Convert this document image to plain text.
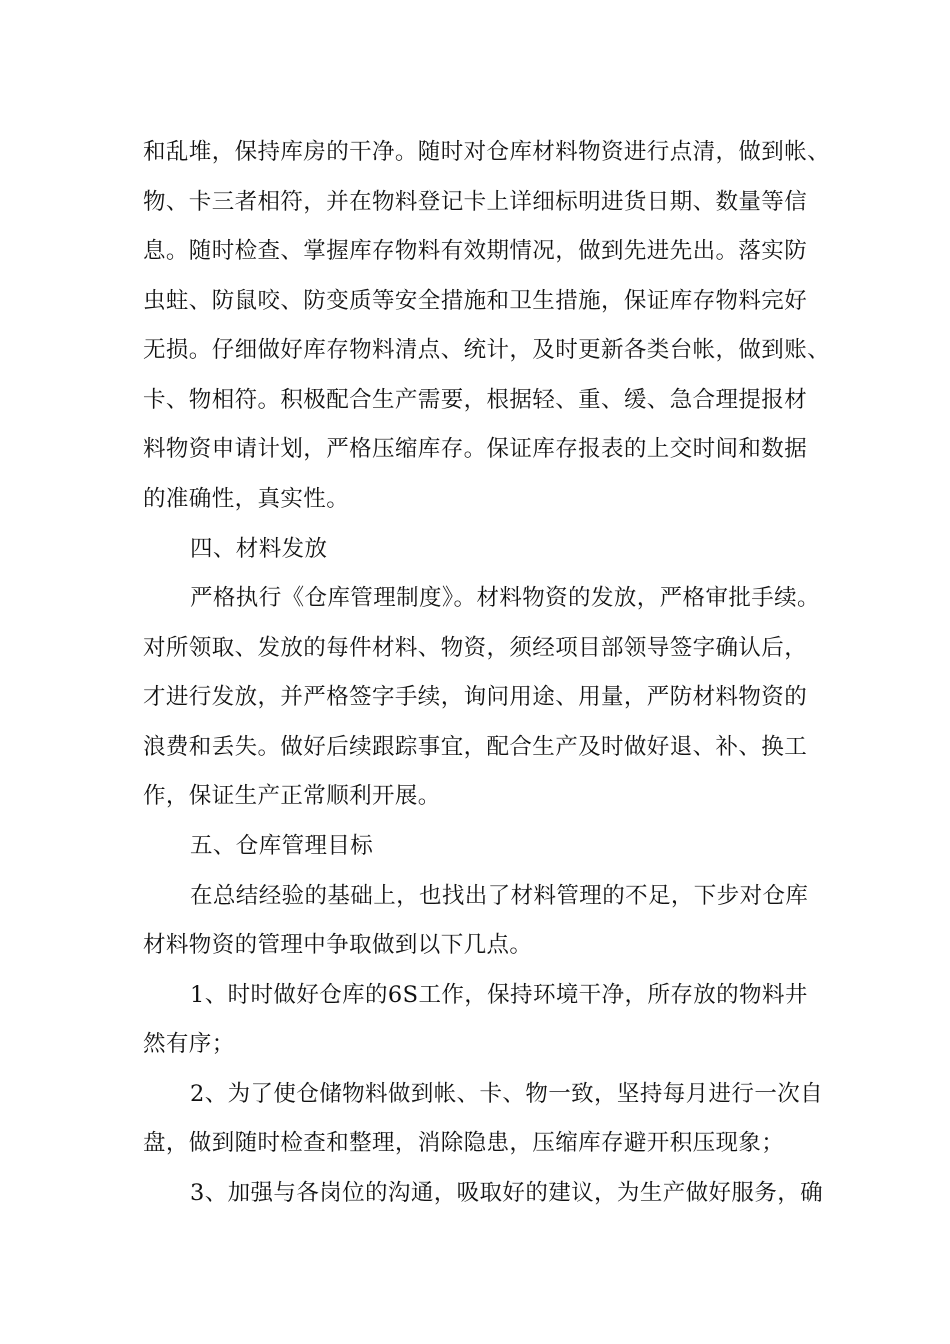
和乱堆，保持库房的干净。随时对仓库材料物资进行点清，做到帐、
物、卡三者相符，并在物料登记卡上详细标明进货日期、数量等信
息。随时检查、掌握库存物料有效期情况，做到先进先出。落实防
虫蛀、防鼠咬、防变质等安全措施和卫生措施，保证库存物料完好
无损。仔细做好库存物料清点、统计，及时更新各类台帐，做到账、
卡、物相符。积极配合生产需要，根据轻、重、缓、急合理提报材
料物资申请计划，严格压缩库存。保证库存报表的上交时间和数据
的准确性，真实性。
四、材料发放
严格执行《仓库管理制度》。材料物资的发放，严格审批手续。
对所领取、发放的每件材料、物资，须经项目部领导签字确认后，
才进行发放，并严格签字手续，询问用途、用量，严防材料物资的
浪费和丢失。做好后续跟踪事宜，配合生产及时做好退、补、换工
作，保证生产正常顺利开展。
五、仓库管理目标
在总结经验的基础上，也找出了材料管理的不足，下步对仓库
材料物资的管理中争取做到以下几点。
1、时时做好仓库的6S工作，保持环境干净，所存放的物料井
然有序；
2、为了使仓储物料做到帐、卡、物一致，坚持每月进行一次自
盘，做到随时检查和整理，消除隐患，压缩库存避开积压现象；
3、加强与各岗位的沟通，吸取好的建议，为生产做好服务，确
